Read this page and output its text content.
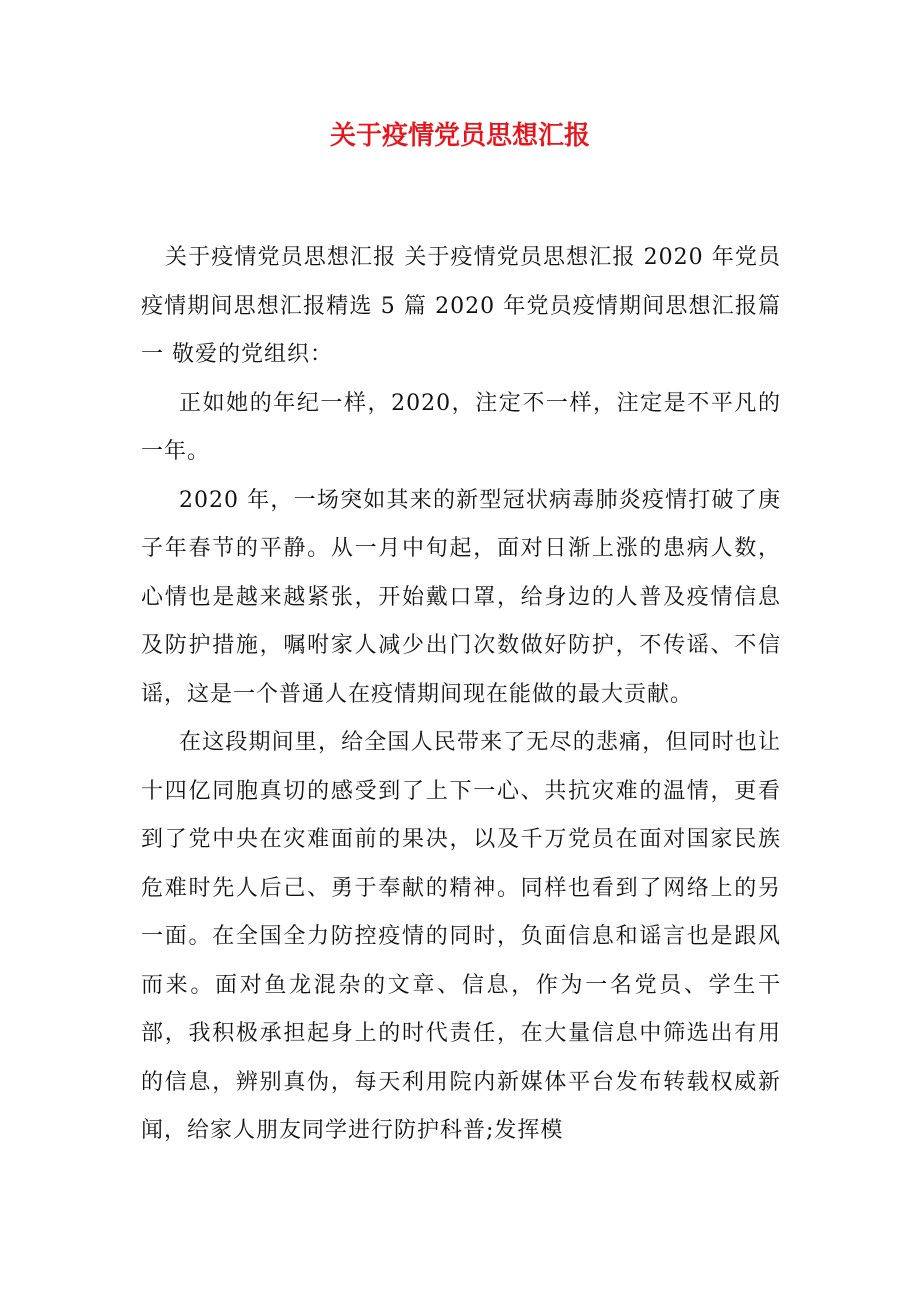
关于疫情党员思想汇报

关于疫情党员思想汇报 关于疫情党员思想汇报 2020 年党员疫情期间思想汇报精选 5 篇 2020 年党员疫情期间思想汇报篇一 敬爱的党组织：

正如她的年纪一样，2020，注定不一样，注定是不平凡的一年。

2020 年，一场突如其来的新型冠状病毒肺炎疫情打破了庚子年春节的平静。从一月中旬起，面对日渐上涨的患病人数，心情也是越来越紧张，开始戴口罩，给身边的人普及疫情信息及防护措施，嘱咐家人减少出门次数做好防护，不传谣、不信谣，这是一个普通人在疫情期间现在能做的最大贡献。

在这段期间里，给全国人民带来了无尽的悲痛，但同时也让十四亿同胞真切的感受到了上下一心、共抗灾难的温情，更看到了党中央在灾难面前的果决，以及千万党员在面对国家民族危难时先人后己、勇于奉献的精神。同样也看到了网络上的另一面。在全国全力防控疫情的同时，负面信息和谣言也是跟风而来。面对鱼龙混杂的文章、信息，作为一名党员、学生干部，我积极承担起身上的时代责任，在大量信息中筛选出有用的信息，辨别真伪，每天利用院内新媒体平台发布转载权威新闻，给家人朋友同学进行防护科普;发挥模
